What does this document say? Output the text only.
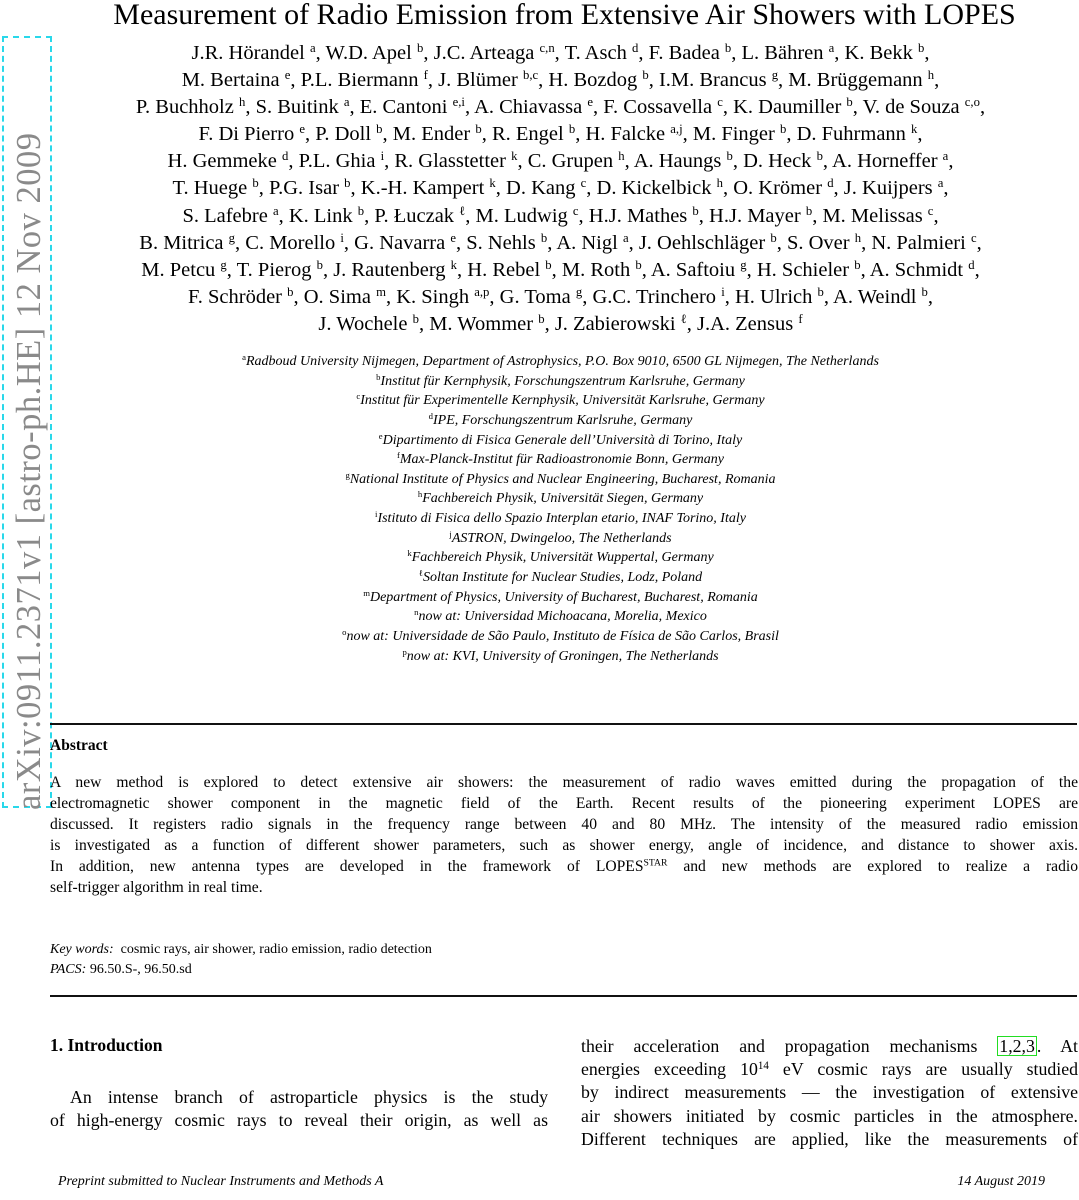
arXiv:0911.2371v1 [astro-ph.HE] 12 Nov 2009
Measurement of Radio Emission from Extensive Air Showers with LOPES
J.R. Hörandel $^a$, W.D. Apel $^b$, J.C. Arteaga $^{c,n}$, T. Asch $^d$, F. Badea $^b$, L. Bähren $^a$, K. Bekk $^b$,
M. Bertaina $^e$, P.L. Biermann $^f$, J. Blümer $^{b,c}$, H. Bozdog $^b$, I.M. Brancus $^g$, M. Brüggemann $^h$,
P. Buchholz $^h$, S. Buitink $^a$, E. Cantoni $^{e,i}$, A. Chiavassa $^e$, F. Cossavella $^c$, K. Daumiller $^b$, V. de Souza $^{c,o}$,
F. Di Pierro $^e$, P. Doll $^b$, M. Ender $^b$, R. Engel $^b$, H. Falcke $^{a,j}$, M. Finger $^b$, D. Fuhrmann $^k$,
H. Gemmeke $^d$, P.L. Ghia $^i$, R. Glasstetter $^k$, C. Grupen $^h$, A. Haungs $^b$, D. Heck $^b$, A. Horneffer $^a$,
T. Huege $^b$, P.G. Isar $^b$, K.-H. Kampert $^k$, D. Kang $^c$, D. Kickelbick $^h$, O. Krömer $^d$, J. Kuijpers $^a$,
S. Lafebre $^a$, K. Link $^b$, P. Łuczak $^\ell$, M. Ludwig $^c$, H.J. Mathes $^b$, H.J. Mayer $^b$, M. Melissas $^c$,
B. Mitrica $^g$, C. Morello $^i$, G. Navarra $^e$, S. Nehls $^b$, A. Nigl $^a$, J. Oehlschläger $^b$, S. Over $^h$, N. Palmieri $^c$,
M. Petcu $^g$, T. Pierog $^b$, J. Rautenberg $^k$, H. Rebel $^b$, M. Roth $^b$, A. Saftoiu $^g$, H. Schieler $^b$, A. Schmidt $^d$,
F. Schröder $^b$, O. Sima $^m$, K. Singh $^{a,p}$, G. Toma $^g$, G.C. Trinchero $^i$, H. Ulrich $^b$, A. Weindl $^b$,
J. Wochele $^b$, M. Wommer $^b$, J. Zabierowski $^\ell$, J.A. Zensus $^f$
$^a$Radboud University Nijmegen, Department of Astrophysics, P.O. Box 9010, 6500 GL Nijmegen, The Netherlands
$^b$Institut für Kernphysik, Forschungszentrum Karlsruhe, Germany
$^c$Institut für Experimentelle Kernphysik, Universität Karlsruhe, Germany
$^d$IPE, Forschungszentrum Karlsruhe, Germany
$^e$Dipartimento di Fisica Generale dell’Università di Torino, Italy
$^f$Max-Planck-Institut für Radioastronomie Bonn, Germany
$^g$National Institute of Physics and Nuclear Engineering, Bucharest, Romania
$^h$Fachbereich Physik, Universität Siegen, Germany
$^i$Istituto di Fisica dello Spazio Interplan etario, INAF Torino, Italy
$^j$ASTRON, Dwingeloo, The Netherlands
$^k$Fachbereich Physik, Universität Wuppertal, Germany
$^\ell$Soltan Institute for Nuclear Studies, Lodz, Poland
$^m$Department of Physics, University of Bucharest, Bucharest, Romania
$^n$now at: Universidad Michoacana, Morelia, Mexico
$^o$now at: Universidade de São Paulo, Instituto de Física de São Carlos, Brasil
$^p$now at: KVI, University of Groningen, The Netherlands
Abstract
A new method is explored to detect extensive air showers: the measurement of radio waves emitted during the propagation of the
electromagnetic shower component in the magnetic field of the Earth. Recent results of the pioneering experiment LOPES are
discussed. It registers radio signals in the frequency range between 40 and 80 MHz. The intensity of the measured radio emission
is investigated as a function of different shower parameters, such as shower energy, angle of incidence, and distance to shower axis.
In addition, new antenna types are developed in the framework of $LOPES^{STAR}$ and new methods are explored to realize a radio
self-trigger algorithm in real time.
Key words: cosmic rays, air shower, radio emission, radio detection
PACS: 96.50.S-, 96.50.sd
1. Introduction
An intense branch of astroparticle physics is the study
of high-energy cosmic rays to reveal their origin, as well as
their acceleration and propagation mechanisms 1,2,3 . At
energies exceeding $10^{14}$ eV cosmic rays are usually studied
by indirect measurements — the investigation of extensive
air showers initiated by cosmic particles in the atmosphere.
Different techniques are applied, like the measurements of
Preprint submitted to Nuclear Instruments and Methods A	14 August 2019
